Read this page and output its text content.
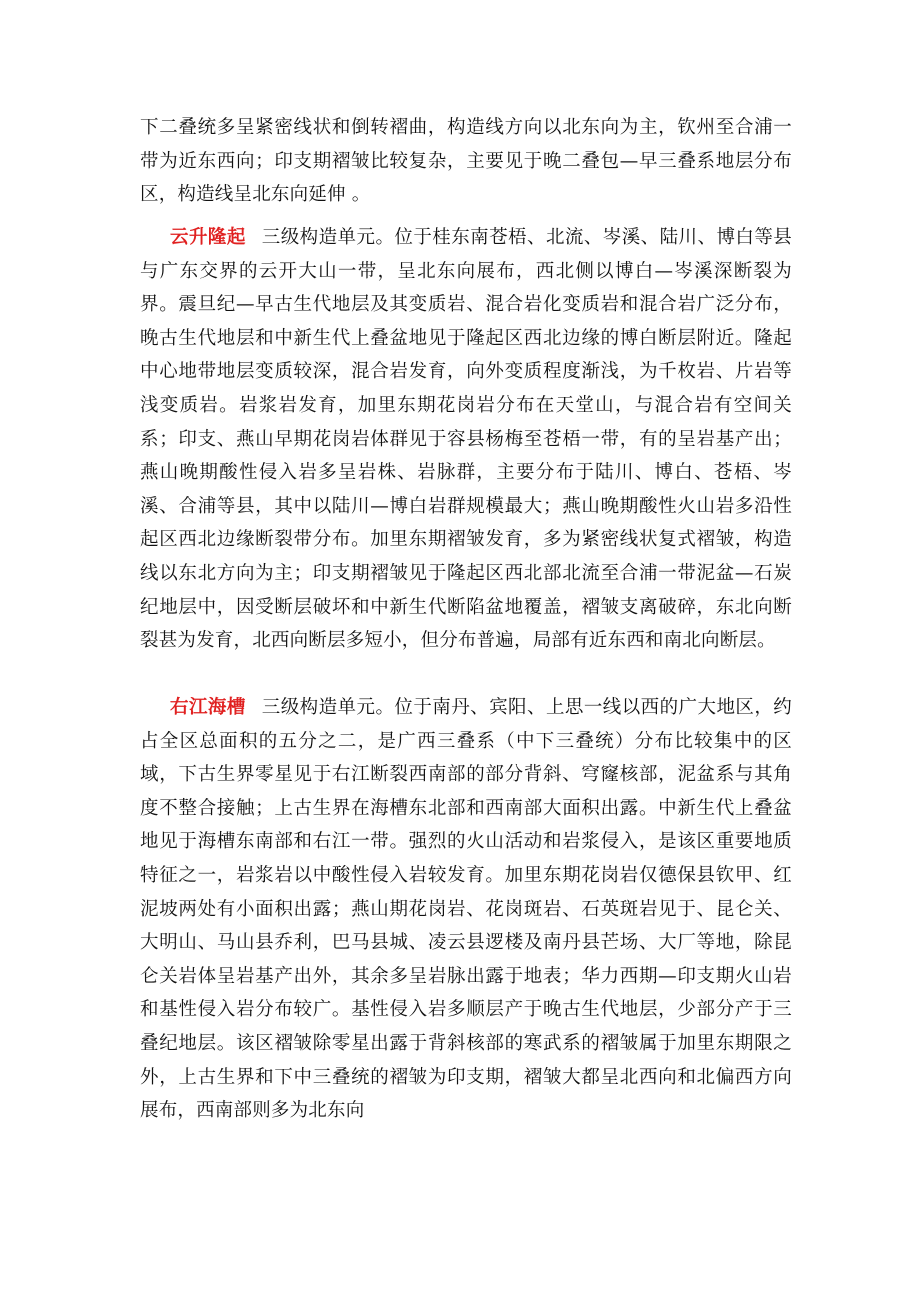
下二叠统多呈紧密线状和倒转褶曲，构造线方向以北东向为主，钦州至合浦一带为近东西向；印支期褶皱比较复杂，主要见于晚二叠包—早三叠系地层分布区，构造线呈北东向延伸 。

云升隆起 三级构造单元。位于桂东南苍梧、北流、岑溪、陆川、博白等县与广东交界的云开大山一带，呈北东向展布，西北侧以博白—岑溪深断裂为界。震旦纪—早古生代地层及其变质岩、混合岩化变质岩和混合岩广泛分布，晚古生代地层和中新生代上叠盆地见于隆起区西北边缘的博白断层附近。隆起中心地带地层变质较深，混合岩发育，向外变质程度渐浅，为千枚岩、片岩等浅变质岩。岩浆岩发育，加里东期花岗岩分布在天堂山，与混合岩有空间关系；印支、燕山早期花岗岩体群见于容县杨梅至苍梧一带，有的呈岩基产出；燕山晚期酸性侵入岩多呈岩株、岩脉群，主要分布于陆川、博白、苍梧、岑溪、合浦等县，其中以陆川—博白岩群规模最大；燕山晚期酸性火山岩多沿性起区西北边缘断裂带分布。加里东期褶皱发育，多为紧密线状复式褶皱，构造线以东北方向为主；印支期褶皱见于隆起区西北部北流至合浦一带泥盆—石炭纪地层中，因受断层破坏和中新生代断陷盆地覆盖，褶皱支离破碎，东北向断裂甚为发育，北西向断层多短小，但分布普遍，局部有近东西和南北向断层。

右江海槽 三级构造单元。位于南丹、宾阳、上思一线以西的广大地区，约占全区总面积的五分之二，是广西三叠系（中下三叠统）分布比较集中的区域，下古生界零星见于右江断裂西南部的部分背斜、穹窿核部，泥盆系与其角度不整合接触；上古生界在海槽东北部和西南部大面积出露。中新生代上叠盆地见于海槽东南部和右江一带。强烈的火山活动和岩浆侵入，是该区重要地质特征之一，岩浆岩以中酸性侵入岩较发育。加里东期花岗岩仅德保县钦甲、红泥坡两处有小面积出露；燕山期花岗岩、花岗斑岩、石英斑岩见于、昆仑关、大明山、马山县乔利，巴马县城、凌云县逻楼及南丹县芒场、大厂等地，除昆仑关岩体呈岩基产出外，其余多呈岩脉出露于地表；华力西期—印支期火山岩和基性侵入岩分布较广。基性侵入岩多顺层产于晚古生代地层，少部分产于三叠纪地层。该区褶皱除零星出露于背斜核部的寒武系的褶皱属于加里东期限之外，上古生界和下中三叠统的褶皱为印支期，褶皱大都呈北西向和北偏西方向展布，西南部则多为北东向
